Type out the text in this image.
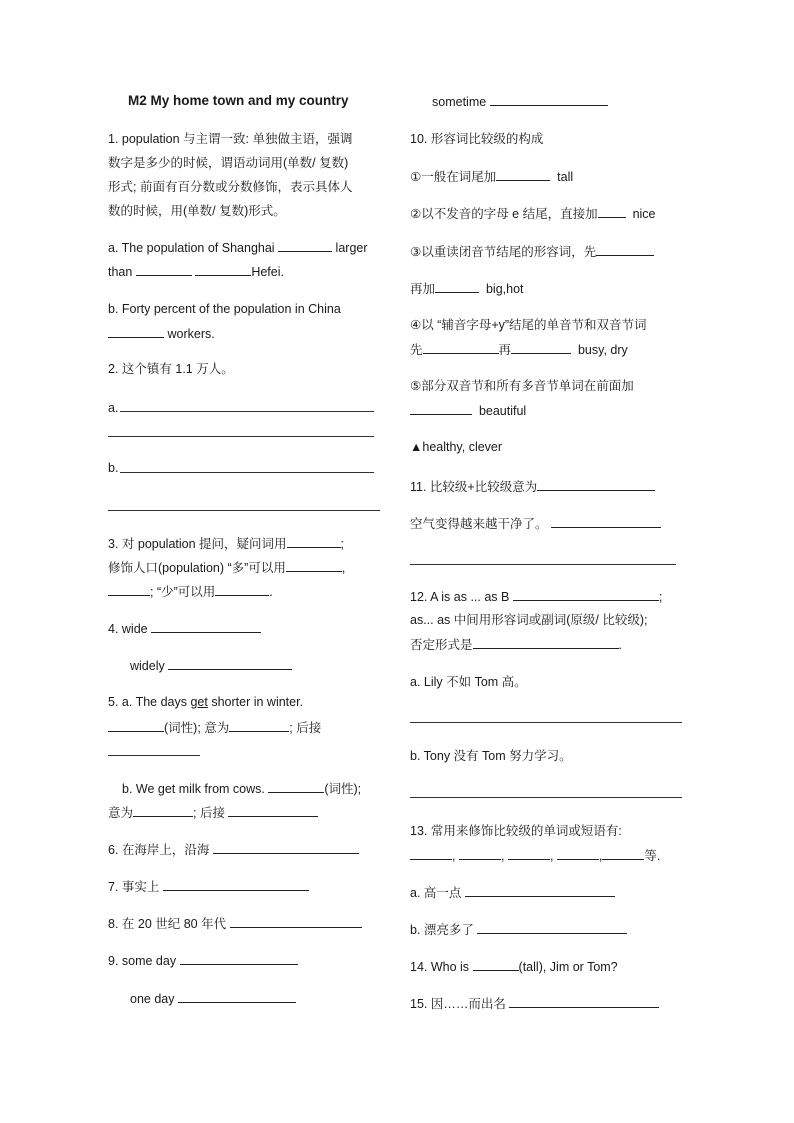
M2 My home town and my country
1. population 与主谓一致: 单独做主语，强调
数字是多少的时候，谓语动词用(单数/ 复数)
形式; 前面有百分数或分数修饰，表示具体人
数的时候，用(单数/ 复数)形式。
a. The population of Shanghai	larger
than	Hefei.
b. Forty percent of the population in China
workers.
2. 这个镇有 1.1 万人。
a.
b.
3. 对 population 提问，疑问词用	;
修饰人口(population) “多”可以用	,
; “少”可以用	.
4. wide
widely
5. a. The days get shorter in winter.
(词性); 意为	; 后接
b. We get milk from cows.	(词性);
意为	; 后接
6. 在海岸上，沿海
7. 事实上
8. 在 20 世纪 80 年代
9. some day
one day
sometime
10. 形容词比较级的构成
①一般在词尾加	tall
②以不发音的字母 e 结尾，直接加	nice
③以重读闭音节结尾的形容词，先
再加	big,hot
④以 “辅音字母+y”结尾的单音节和双音节词
先	再	busy, dry
⑤部分双音节和所有多音节单词在前面加
beautiful
▲healthy, clever
11. 比较级+比较级意为
空气变得越来越干净了。
12. A is as ... as B	;
as... as 中间用形容词或副词(原级/ 比较级);
否定形式是	.
a. Lily 不如 Tom 高。
b. Tony 没有 Tom 努力学习。
13. 常用来修饰比较级的单词或短语有:
,	,	,	,	等.
a. 高一点
b. 漂亮多了
14. Who is	(tall), Jim or Tom?
15. 因……而出名
